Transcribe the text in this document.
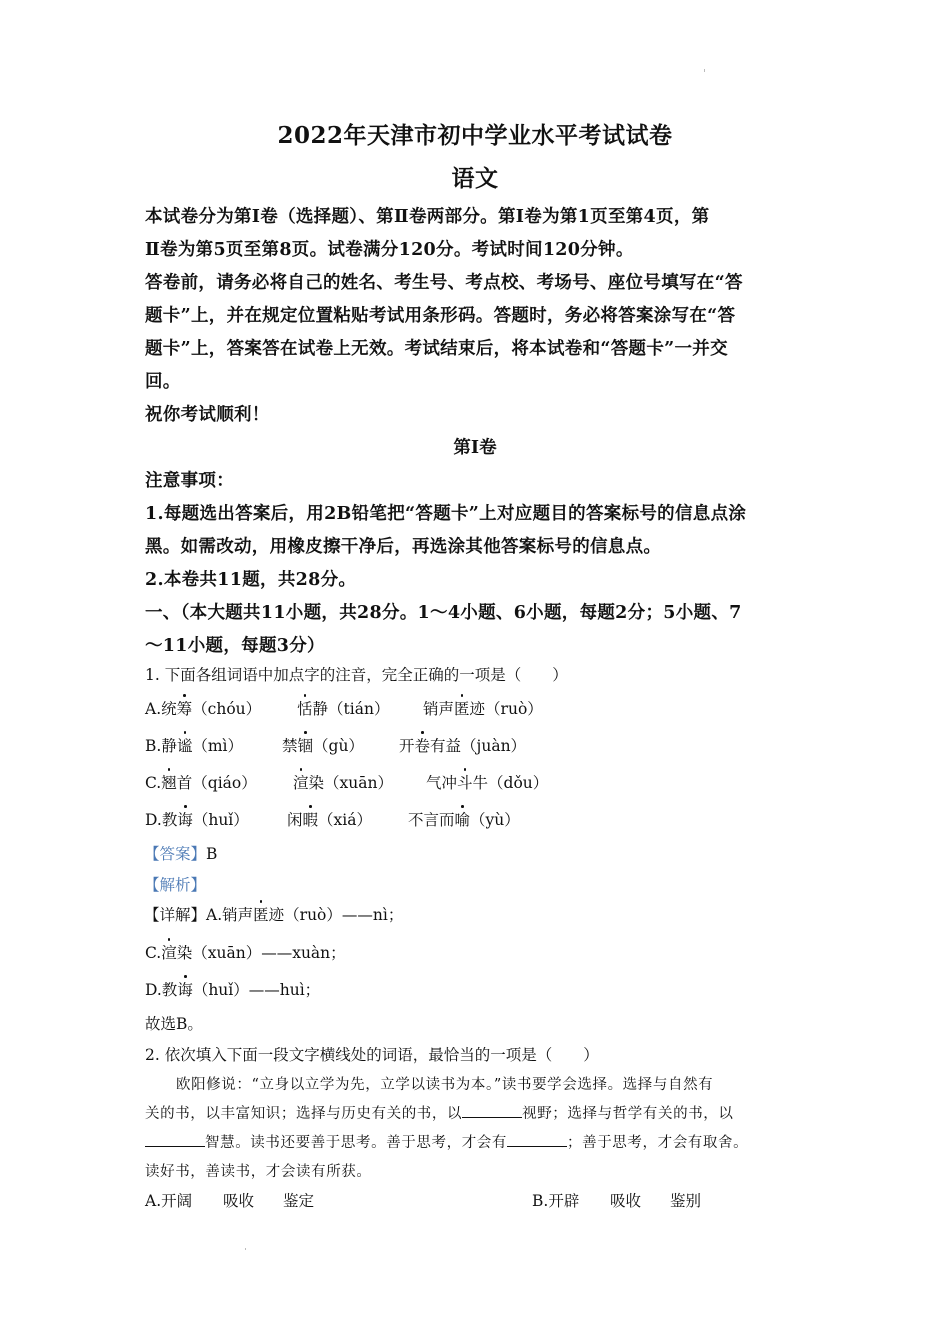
2022年天津市初中学业水平考试试卷
语文
本试卷分为第Ⅰ卷（选择题）、第Ⅱ卷两部分。第Ⅰ卷为第1页至第4页，第
Ⅱ卷为第5页至第8页。试卷满分120分。考试时间120分钟。
答卷前，请务必将自己的姓名、考生号、考点校、考场号、座位号填写在“答
题卡”上，并在规定位置粘贴考试用条形码。答题时，务必将答案涂写在“答
题卡”上，答案答在试卷上无效。考试结束后，将本试卷和“答题卡”一并交
回。
祝你考试顺利！
第Ⅰ卷
注意事项：
1.每题选出答案后，用2B铅笔把“答题卡”上对应题目的答案标号的信息点涂
黑。如需改动，用橡皮擦干净后，再选涂其他答案标号的信息点。
2.本卷共11题，共28分。
一、（本大题共11小题，共28分。1～4小题、6小题，每题2分；5小题、7
～11小题，每题3分）
1. 下面各组词语中加点字的注音，完全正确的一项是（　　）
A.统筹（chóu） 恬静（tián） 销声匿迹（ruò）
B.静谧（mì）	禁锢（gù） 开卷有益（juàn）
C.翘首（qiáo） 渲染（xuān） 气冲斗牛（dǒu）
D.教诲（huǐ） 闲暇（xiá） 不言而喻（yù）
【答案】B
【解析】
【详解】A.销声匿迹（ruò）——nì；
C.渲染（xuān）——xuàn；
D.教诲（huǐ）——huì；
故选B。
2. 依次填入下面一段文字横线处的词语，最恰当的一项是（　　）
欧阳修说：“立身以立学为先，立学以读书为本。”读书要学会选择。选择与自然有
关的书，以丰富知识；选择与历史有关的书，以	视野；选择与哲学有关的书，以
智慧。读书还要善于思考。善于思考，才会有	；善于思考，才会有取舍。
读好书，善读书，才会读有所获。
A.开阔 吸收 鉴定	B.开辟 吸收 鉴别
